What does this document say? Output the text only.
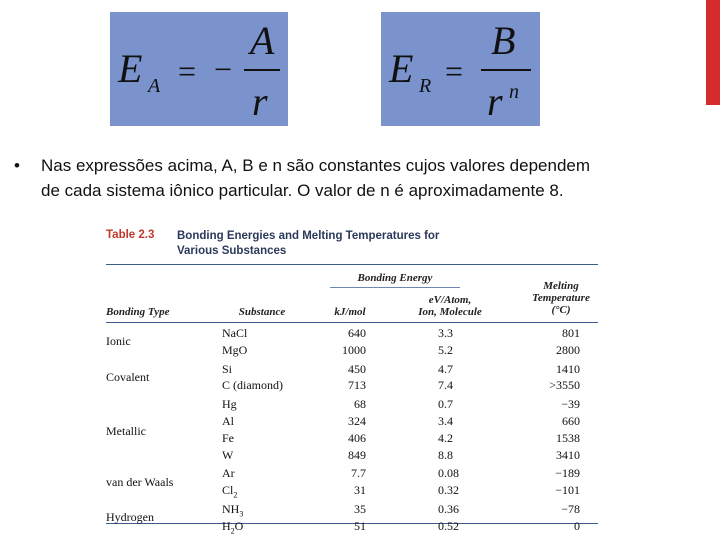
E A = −
A
r
E R =
B
r n
• Nas expressões acima, A, B e n são constantes cujos valores dependem
de cada sistema iônico particular. O valor de n é aproximadamente 8.
Table 2.3 Bonding Energies and Melting Temperatures for
Various Substances
Bonding Energy
Bonding Type	Substance	kJ/mol
eV/Atom,
Ion, Molecule
Melting
Temperature
(°C)
Ionic
NaCl	640	3.3	801
MgO	1000	5.2	2800
Covalent
Si	450	4.7	1410
C (diamond)	713	7.4	>3550
Metallic
Hg	68	0.7	−39
Al	324	3.4	660
Fe	406	4.2	1538
W	849	8.8	3410
van der Waals
Ar	7.7	0.08	−189
$Cl_2$	31	0.32	−101
Hydrogen
$NH_3$	35	0.36	−78
$H_2O$	51	0.52	0
